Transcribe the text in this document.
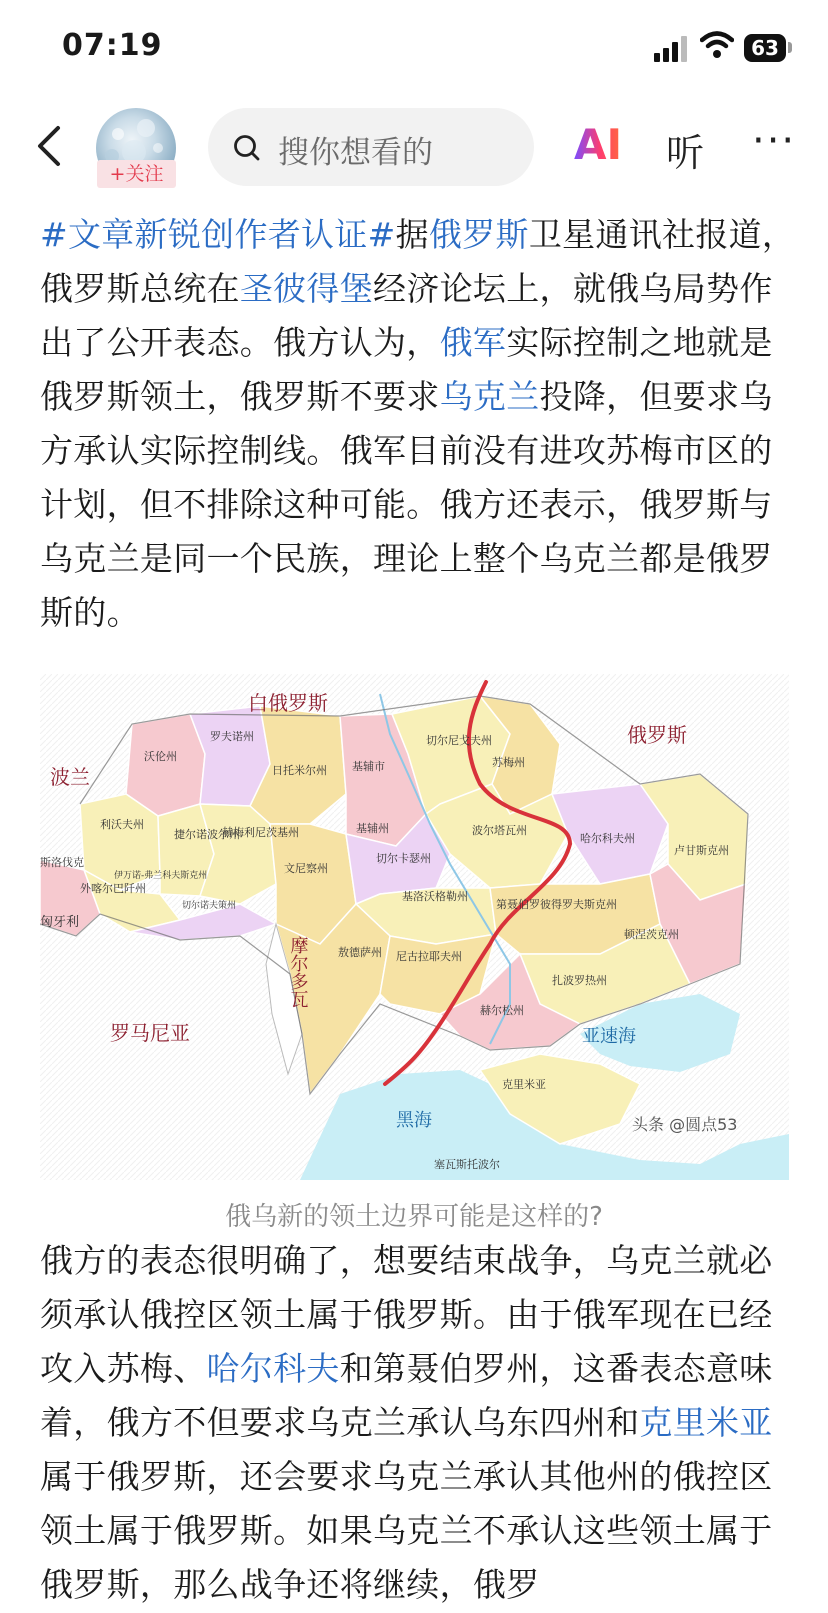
07:19	63
+关注
搜你想看的	AI 听 ···
#文章新锐创作者认证#据俄罗斯卫星通讯社报道，俄罗斯总统在圣彼得堡经济论坛上，就俄乌局势作出了公开表态。俄方认为，俄军实际控制之地就是俄罗斯领土，俄罗斯不要求乌克兰投降，但要求乌方承认实际控制线。俄军目前没有进攻苏梅市区的计划，但不排除这种可能。俄方还表示，俄罗斯与乌克兰是同一个民族，理论上整个乌克兰都是俄罗斯的。
白俄罗斯
俄罗斯
波兰
罗马尼亚
黑海
亚速海
头条 @圆点53
塞瓦斯托波尔
斯洛伐克
匈牙利
沃伦州
罗夫诺州
日托米尔州 基辅市
切尔尼戈夫州
苏梅州
利沃夫州
捷尔诺波尔州
赫梅利尼茨基州	基辅州	波尔塔瓦州
哈尔科夫州
卢甘斯克州
伊万诺-弗兰科夫斯克州
文尼察州
切尔卡瑟州
外喀尔巴阡州
切尔诺夫策州
基洛沃格勒州
第聂伯罗彼得罗夫斯克州
顿涅茨克州
摩尔多瓦	敖德萨州 尼古拉耶夫州
扎波罗热州
赫尔松州
克里米亚
俄乌新的领土边界可能是这样的?
俄方的表态很明确了，想要结束战争，乌克兰就必须承认俄控区领土属于俄罗斯。由于俄军现在已经攻入苏梅、哈尔科夫和第聂伯罗州，这番表态意味着，俄方不但要求乌克兰承认乌东四州和克里米亚属于俄罗斯，还会要求乌克兰承认其他州的俄控区领土属于俄罗斯。如果乌克兰不承认这些领土属于俄罗斯，那么战争还将继续，俄罗
